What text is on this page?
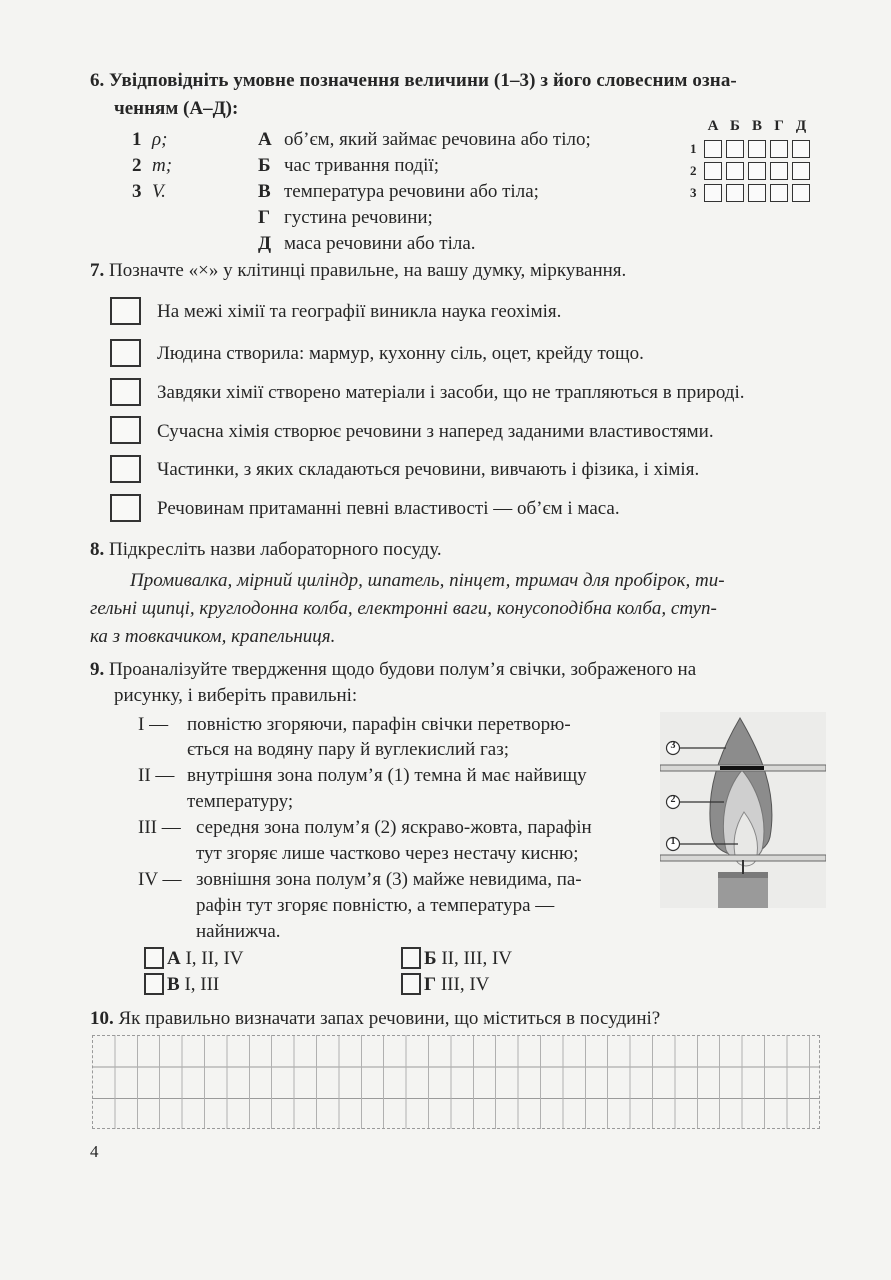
6. Увідповідніть умовне позначення величини (1–3) з його словесним озна-
ченням (А–Д):
1
2
3
ρ;
m;
V.
А
Б
В
Г
Д
об’єм, який займає речовина або тіло;
час тривання події;
температура речовини або тіла;
густина речовини;
маса речовини або тіла.
А Б В Г Д
1
2
3
7. Позначте «×» у клітинці правильне, на вашу думку, міркування.
На межі хімії та географії виникла наука геохімія.
Людина створила: мармур, кухонну сіль, оцет, крейду тощо.
Завдяки хімії створено матеріали і засоби, що не трапляються в природі.
Сучасна хімія створює речовини з наперед заданими властивостями.
Частинки, з яких складаються речовини, вивчають і фізика, і хімія.
Речовинам притаманні певні властивості — об’єм і маса.
8. Підкресліть назви лабораторного посуду.
Промивалка, мірний циліндр, шпатель, пінцет, тримач для пробірок, ти-
гельні щипці, круглодонна колба, електронні ваги, конусоподібна колба, ступ-
ка з товкачиком, крапельниця.
9. Проаналізуйте твердження щодо будови полум’я свічки, зображеного на
рисунку, і виберіть правильні:
I — повністю згоряючи, парафін свічки перетворю-
ється на водяну пару й вуглекислий газ;
II — внутрішня зона полум’я (1) темна й має найвищу
температуру;
III — середня зона полум’я (2) яскраво-жовта, парафін
тут згоряє лише частково через нестачу кисню;
IV — зовнішня зона полум’я (3) майже невидима, па-
рафін тут згоряє повністю, а температура —
найнижча.
3
2
1
А I, II, IV	Б II, III, IV
В I, III	Г III, IV
10. Як правильно визначати запах речовини, що міститься в посудині?
4
